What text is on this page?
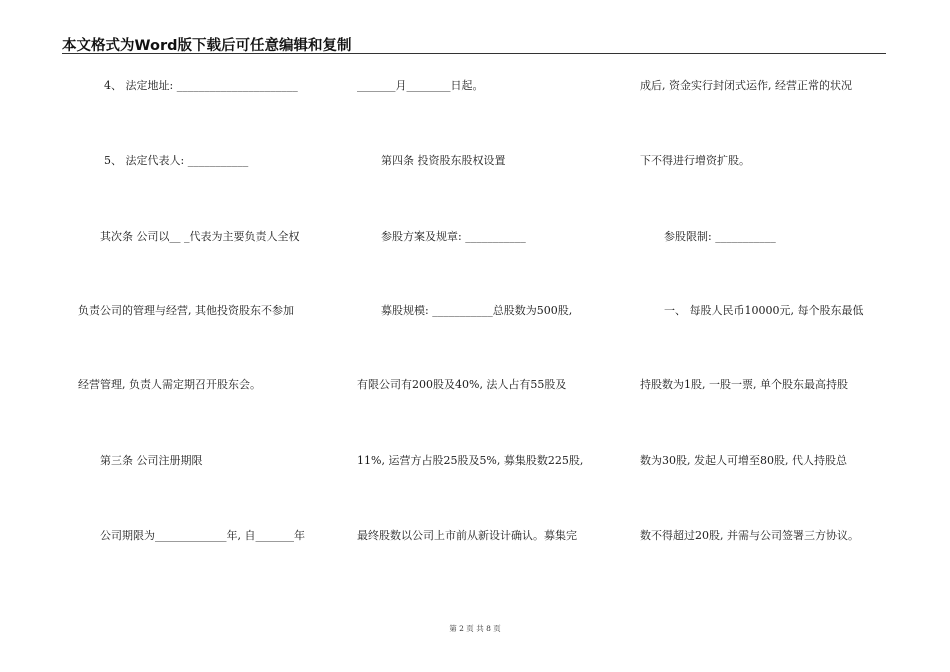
本文格式为Word版下载后可任意编辑和复制
4、 法定地址: ______________________
5、 法定代表人: ___________
其次条 公司以__ _代表为主要负责人全权
负责公司的管理与经营, 其他投资股东不参加
经营管理, 负责人需定期召开股东会。
第三条 公司注册期限
公司期限为_____________年, 自_______年
_______月________日起。
第四条 投资股东股权设置
参股方案及规章: ___________
募股规模: ___________总股数为500股,
有限公司有200股及40%, 法人占有55股及
11%, 运营方占股25股及5%, 募集股数225股,
最终股数以公司上市前从新设计确认。募集完
成后, 资金实行封闭式运作, 经营正常的状况
下不得进行增资扩股。
参股限制: ___________
一、 每股人民币10000元, 每个股东最低
持股数为1股, 一股一票, 单个股东最高持股
数为30股, 发起人可增至80股, 代人持股总
数不得超过20股, 并需与公司签署三方协议。
第 2 页 共 8 页
